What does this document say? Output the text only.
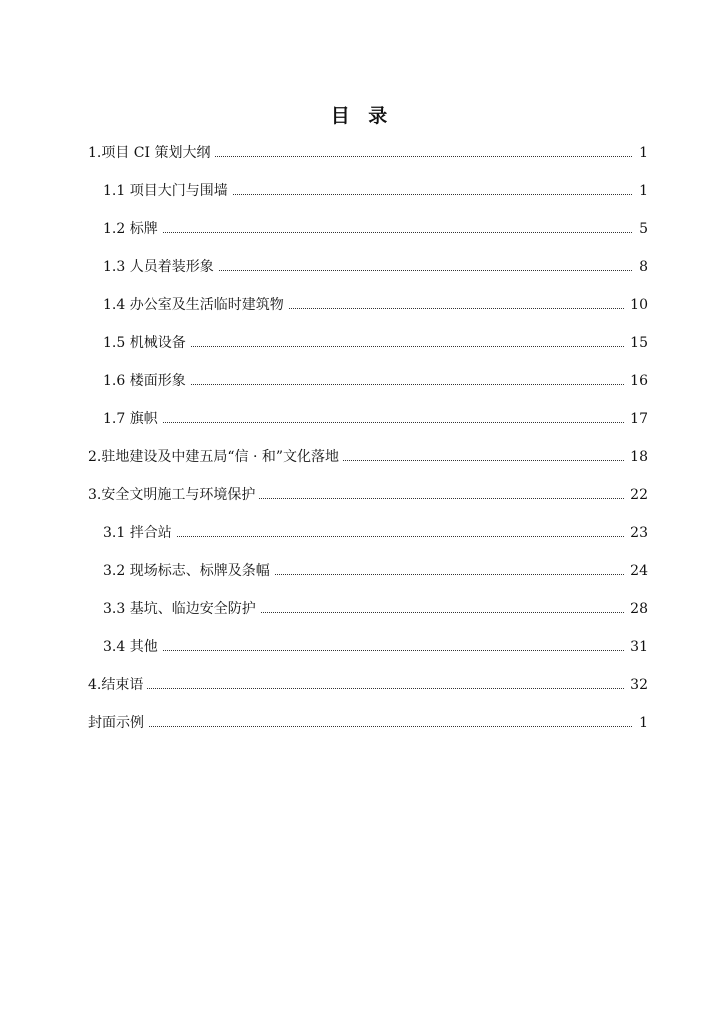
目 录
1.项目 CI 策划大纲	1
1.1 项目大门与围墙	1
1.2 标牌	5
1.3 人员着装形象	8
1.4 办公室及生活临时建筑物	10
1.5 机械设备	15
1.6 楼面形象	16
1.7 旗帜	17
2.驻地建设及中建五局“信 · 和”文化落地	18
3.安全文明施工与环境保护	22
3.1 拌合站	23
3.2 现场标志、标牌及条幅	24
3.3 基坑、临边安全防护	28
3.4 其他	31
4.结束语	32
封面示例	1
